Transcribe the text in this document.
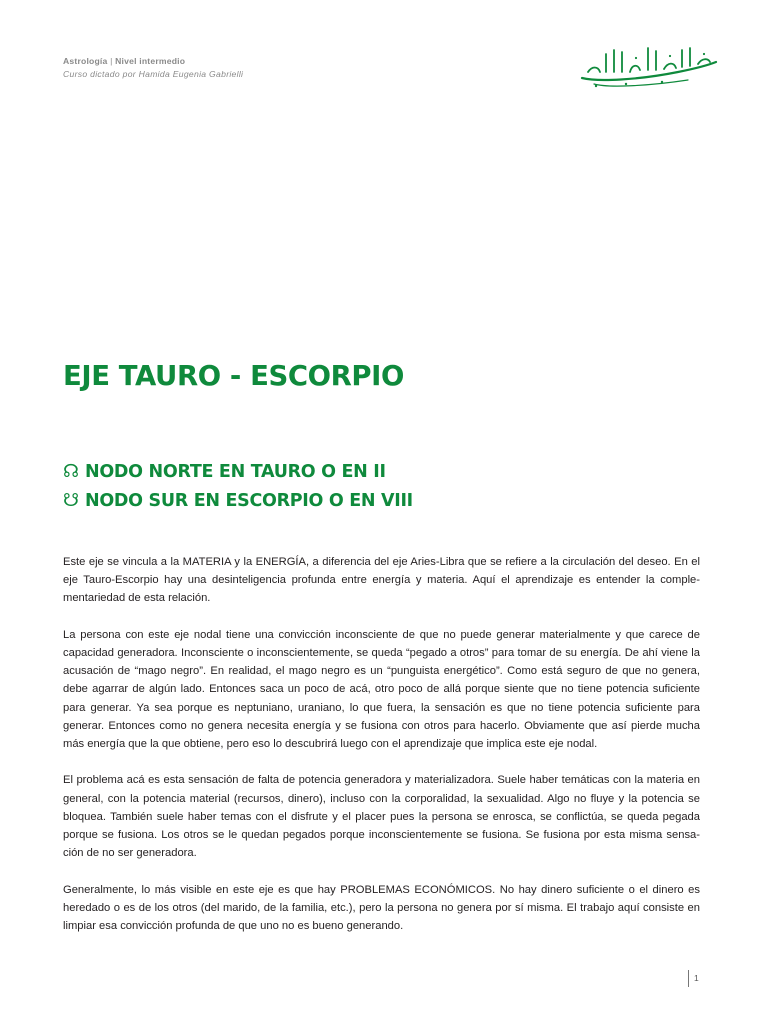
Astrología | Nivel intermedio
Curso dictado por Hamida Eugenia Gabrielli
EJE TAURO - ESCORPIO
☊ NODO NORTE EN TAURO O EN II
☋ NODO SUR EN ESCORPIO O EN VIII

Este eje se vincula a la MATERIA y la ENERGÍA, a diferencia del eje Aries-Libra que se refiere a la circulación del deseo. En el eje Tauro-Escorpio hay una desinteligencia profunda entre energía y materia. Aquí el aprendizaje es entender la comple-mentariedad de esta relación.

La persona con este eje nodal tiene una convicción inconsciente de que no puede generar materialmente y que carece de capacidad generadora. Inconsciente o inconscientemente, se queda “pegado a otros” para tomar de su energía. De ahí viene la acusación de “mago negro”. En realidad, el mago negro es un “punguista energético”. Como está seguro de que no genera, debe agarrar de algún lado. Entonces saca un poco de acá, otro poco de allá porque siente que no tiene potencia suficiente para generar. Ya sea porque es neptuniano, uraniano, lo que fuera, la sensación es que no tiene potencia suficiente para generar. Entonces como no genera necesita energía y se fusiona con otros para hacerlo. Obviamente que así pierde mucha más energía que la que obtiene, pero eso lo descubrirá luego con el aprendizaje que implica este eje nodal.

El problema acá es esta sensación de falta de potencia generadora y materializadora. Suele haber temáticas con la materia en general, con la potencia material (recursos, dinero), incluso con la corporalidad, la sexualidad. Algo no fluye y la potencia se bloquea. También suele haber temas con el disfrute y el placer pues la persona se enrosca, se conflictúa, se queda pegada porque se fusiona. Los otros se le quedan pegados porque inconscientemente se fusiona. Se fusiona por esta misma sensa-ción de no ser generadora.

Generalmente, lo más visible en este eje es que hay PROBLEMAS ECONÓMICOS. No hay dinero suficiente o el dinero es heredado o es de los otros (del marido, de la familia, etc.), pero la persona no genera por sí misma. El trabajo aquí consiste en limpiar esa convicción profunda de que uno no es bueno generando.

1
